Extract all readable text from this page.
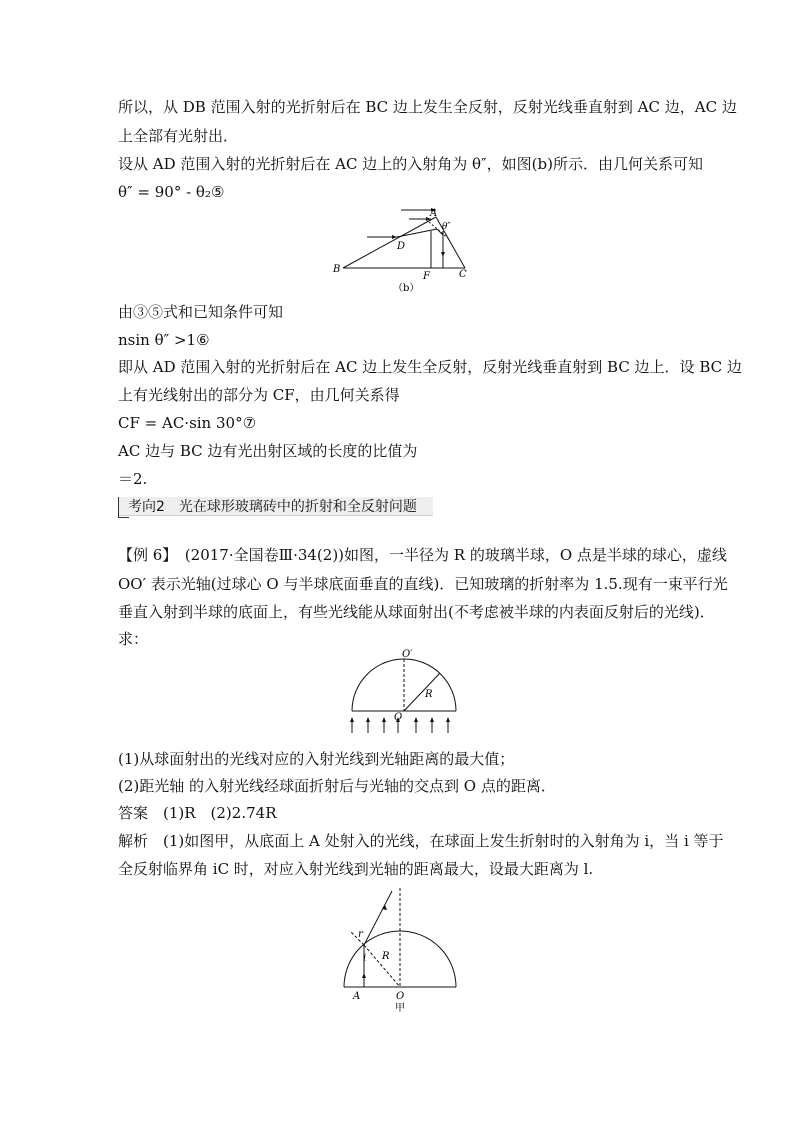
所以，从 DB 范围入射的光折射后在 BC 边上发生全反射，反射光线垂直射到 AC 边，AC 边
上全部有光射出．
设从 AD 范围入射的光折射后在 AC 边上的入射角为 θ″，如图(b)所示．由几何关系可知
θ″ = 90° - θ₂⑤
A
θ″
D
B
F	C
（b）
由③⑤式和已知条件可知
nsin θ″ >1⑥
即从 AD 范围入射的光折射后在 AC 边上发生全反射，反射光线垂直射到 BC 边上．设 BC 边
上有光线射出的部分为 CF，由几何关系得
CF = AC·sin 30°⑦
AC 边与 BC 边有光出射区域的长度的比值为
＝2.
考向2　光在球形玻璃砖中的折射和全反射问题
【例 6】　(2017·全国卷Ⅲ·34(2))如图，一半径为 R 的玻璃半球，O 点是半球的球心，虚线
OO′ 表示光轴(过球心 O 与半球底面垂直的直线)．已知玻璃的折射率为 1.5.现有一束平行光
垂直入射到半球的底面上，有些光线能从球面射出(不考虑被半球的内表面反射后的光线)．
求：
O′
R
O
(1)从球面射出的光线对应的入射光线到光轴距离的最大值；
(2)距光轴 的入射光线经球面折射后与光轴的交点到 O 点的距离．
答案　(1)R　(2)2.74R
解析　(1)如图甲，从底面上 A 处射入的光线，在球面上发生折射时的入射角为 i，当 i 等于
全反射临界角 iC 时，对应入射光线到光轴的距离最大，设最大距离为 l.
r
i R
A	O
甲
